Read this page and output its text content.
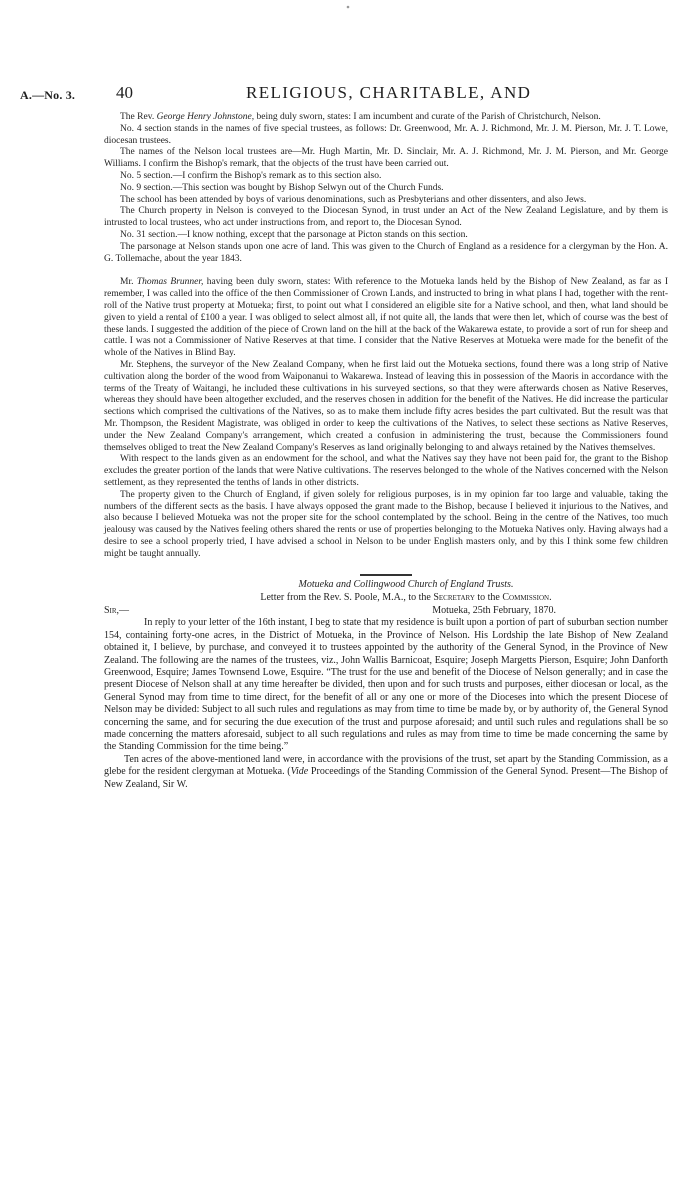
A.—No. 3. 40	RELIGIOUS, CHARITABLE, AND

The Rev. George Henry Johnstone, being duly sworn, states: I am incumbent and curate of the Parish of Christchurch, Nelson.

No. 4 section stands in the names of five special trustees, as follows: Dr. Greenwood, Mr. A. J. Richmond, Mr. J. M. Pierson, Mr. J. T. Lowe, diocesan trustees.

The names of the Nelson local trustees are—Mr. Hugh Martin, Mr. D. Sinclair, Mr. A. J. Richmond, Mr. J. M. Pierson, and Mr. George Williams. I confirm the Bishop's remark, that the objects of the trust have been carried out.

No. 5 section.—I confirm the Bishop's remark as to this section also.

No. 9 section.—This section was bought by Bishop Selwyn out of the Church Funds.

The school has been attended by boys of various denominations, such as Presbyterians and other dissenters, and also Jews.

The Church property in Nelson is conveyed to the Diocesan Synod, in trust under an Act of the New Zealand Legislature, and by them is intrusted to local trustees, who act under instructions from, and report to, the Diocesan Synod.

No. 31 section.—I know nothing, except that the parsonage at Picton stands on this section.

The parsonage at Nelson stands upon one acre of land. This was given to the Church of England as a residence for a clergyman by the Hon. A. G. Tollemache, about the year 1843.

Mr. Thomas Brunner, having been duly sworn, states: With reference to the Motueka lands held by the Bishop of New Zealand, as far as I remember, I was called into the office of the then Commissioner of Crown Lands, and instructed to bring in what plans I had, together with the rent-roll of the Native trust property at Motueka; first, to point out what I considered an eligible site for a Native school, and then, what land should be given to yield a rental of £100 a year. I was obliged to select almost all, if not quite all, the lands that were then let, which of course was the best of these lands. I suggested the addition of the piece of Crown land on the hill at the back of the Wakarewa estate, to provide a sort of run for sheep and cattle. I was not a Commissioner of Native Reserves at that time. I consider that the Native Reserves at Motueka were made for the benefit of the whole of the Natives in Blind Bay.

Mr. Stephens, the surveyor of the New Zealand Company, when he first laid out the Motueka sections, found there was a long strip of Native cultivation along the border of the wood from Waiponanui to Wakarewa. Instead of leaving this in possession of the Maoris in accordance with the terms of the Treaty of Waitangi, he included these cultivations in his surveyed sections, so that they were afterwards chosen as Native Reserves, whereas they should have been altogether excluded, and the reserves chosen in addition for the benefit of the Natives. He did increase the particular sections which comprised the cultivations of the Natives, so as to make them include fifty acres besides the part cultivated. But the result was that Mr. Thompson, the Resident Magistrate, was obliged in order to keep the cultivations of the Natives, to select these sections as Native Reserves, under the New Zealand Company's arrangement, which created a confusion in administering the trust, because the Commissioners found themselves obliged to treat the New Zealand Company's Reserves as land originally belonging to and always retained by the Natives themselves.

With respect to the lands given as an endowment for the school, and what the Natives say they have not been paid for, the grant to the Bishop excludes the greater portion of the lands that were Native cultivations. The reserves belonged to the whole of the Natives concerned with the Nelson settlement, as they represented the tenths of lands in other districts.

The property given to the Church of England, if given solely for religious purposes, is in my opinion far too large and valuable, taking the numbers of the different sects as the basis. I have always opposed the grant made to the Bishop, because I believed it injurious to the Natives, and also because I believed Motueka was not the proper site for the school contemplated by the school. Being in the centre of the Natives, too much jealousy was caused by the Natives feeling others shared the rents or use of properties belonging to the Motueka Natives only. Having always had a desire to see a school properly tried, I have advised a school in Nelson to be under English masters only, and by this I think some few children might be taught annually.

Motueka and Collingwood Church of England Trusts.

Letter from the Rev. S. Poole, M.A., to the Secretary to the Commission.

Sir,—	Motueka, 25th February, 1870.

In reply to your letter of the 16th instant, I beg to state that my residence is built upon a portion of part of suburban section number 154, containing forty-one acres, in the District of Motueka, in the Province of Nelson. His Lordship the late Bishop of New Zealand obtained it, I believe, by purchase, and conveyed it to trustees appointed by the authority of the General Synod, in the Province of New Zealand. The following are the names of the trustees, viz., John Wallis Barnicoat, Esquire; Joseph Margetts Pierson, Esquire; John Danforth Greenwood, Esquire; James Townsend Lowe, Esquire. “The trust for the use and benefit of the Diocese of Nelson generally; and in case the present Diocese of Nelson shall at any time hereafter be divided, then upon and for such trusts and purposes, either diocesan or local, as the General Synod may from time to time direct, for the benefit of all or any one or more of the Dioceses into which the present Diocese of Nelson may be divided: Subject to all such rules and regulations as may from time to time be made by, or by authority of, the General Synod concerning the same, and for securing the due execution of the trust and purpose aforesaid; and until such rules and regulations shall be so made concerning the matters aforesaid, subject to all such regulations and rules as may from time to time be made concerning the same by the Standing Commission for the time being.”

Ten acres of the above-mentioned land were, in accordance with the provisions of the trust, set apart by the Standing Commission, as a glebe for the resident clergyman at Motueka. (Vide Proceedings of the Standing Commission of the General Synod. Present—The Bishop of New Zealand, Sir W.
